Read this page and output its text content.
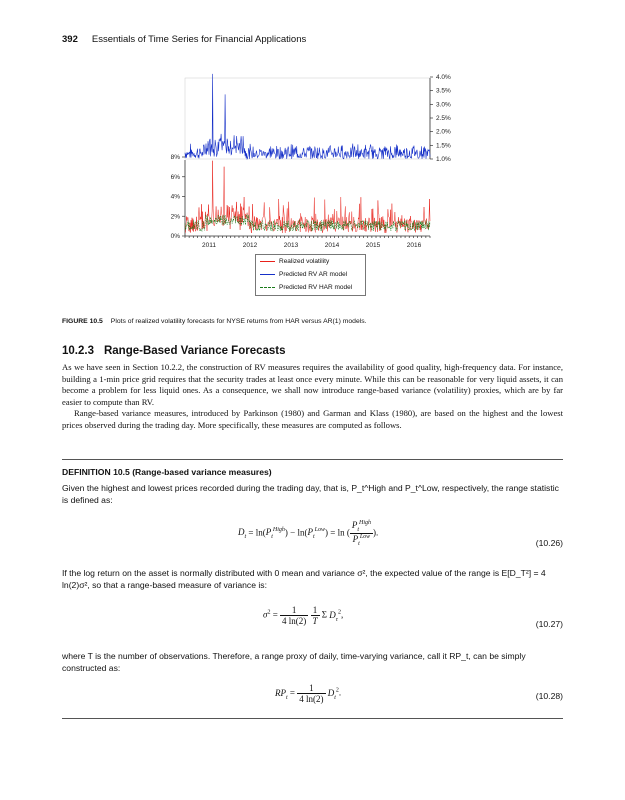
392 Essentials of Time Series for Financial Applications
4.0%
3.5%
3.0%
2.5%
2.0%
1.5%
1.0%
8%
6%
4%
2%
0%
2011	2012	2013	2014	2015	2016
Realized volatility
Predicted RV AR model
Predicted RV HAR model
FIGURE 10.5 Plots of realized volatility forecasts for NYSE returns from HAR versus AR(1) models.
10.2.3 Range-Based Variance Forecasts

As we have seen in Section 10.2.2, the construction of RV measures requires the availability of good quality, high-frequency data. For instance, building a 1-min price grid requires that the security trades at least once every minute. While this can be reasonable for very liquid assets, it can become a problem for less liquid ones. As a consequence, we shall now introduce range-based variance (volatility) proxies, which are by far easier to compute than RV.

Range-based variance measures, introduced by Parkinson (1980) and Garman and Klass (1980), are based on the highest and the lowest prices observed during the trading day. More specifically, these measures are computed as follows.

DEFINITION 10.5 (Range-based variance measures)
Given the highest and lowest prices recorded during the trading day, that is, P_t^High and P_t^Low, respectively, the range statistic is defined as:
$D_t = \ln(P_t^{High}) - \ln(P_t^{Low}) = \ln$ ( $\frac{P_t^{High}}{P_t^{Low}}$ ).
(10.26)
If the log return on the asset is normally distributed with 0 mean and variance σ², the expected value of the range is E[D_T²] = 4 ln(2)σ², so that a range-based measure of variance is:
$\sigma^2 = \frac{1}{4 \ln(2)}$
$\frac{1}{T}$ Σ $D_\tau^2$,
(10.27)
where T is the number of observations. Therefore, a range proxy of daily, time-varying variance, call it RP_t, can be simply constructed as:
$RP_t = \frac{1}{4 \ln(2)} D_t^2$.	(10.28)
